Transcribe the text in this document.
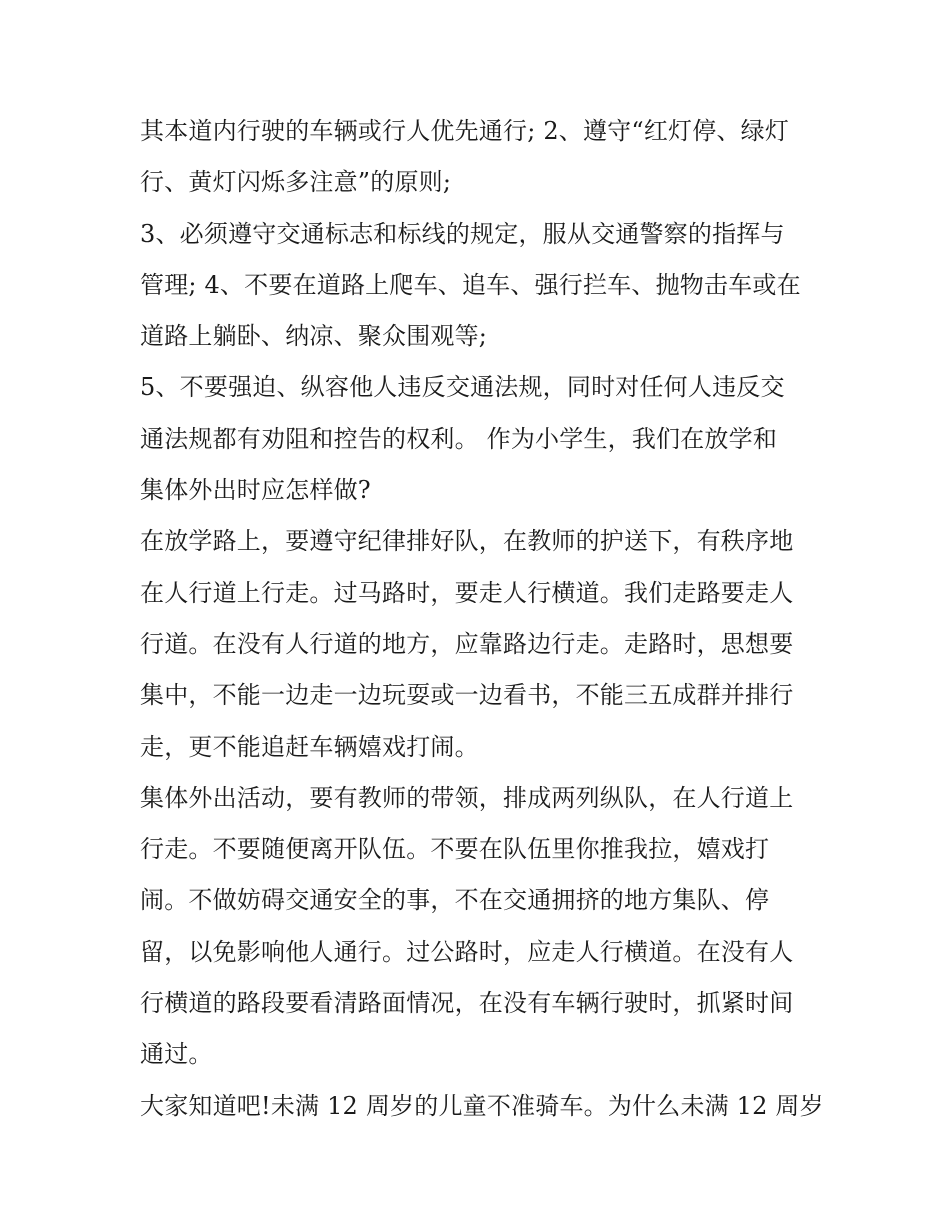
其本道内行驶的车辆或行人优先通行; 2、遵守“红灯停、绿灯
行、黄灯闪烁多注意”的原则;
3、必须遵守交通标志和标线的规定，服从交通警察的指挥与
管理; 4、不要在道路上爬车、追车、强行拦车、抛物击车或在
道路上躺卧、纳凉、聚众围观等;
5、不要强迫、纵容他人违反交通法规，同时对任何人违反交
通法规都有劝阻和控告的权利。 作为小学生，我们在放学和
集体外出时应怎样做?
在放学路上，要遵守纪律排好队，在教师的护送下，有秩序地
在人行道上行走。过马路时，要走人行横道。我们走路要走人
行道。在没有人行道的地方，应靠路边行走。走路时，思想要
集中，不能一边走一边玩耍或一边看书，不能三五成群并排行
走，更不能追赶车辆嬉戏打闹。
集体外出活动，要有教师的带领，排成两列纵队，在人行道上
行走。不要随便离开队伍。不要在队伍里你推我拉，嬉戏打
闹。不做妨碍交通安全的事，不在交通拥挤的地方集队、停
留，以免影响他人通行。过公路时，应走人行横道。在没有人
行横道的路段要看清路面情况，在没有车辆行驶时，抓紧时间
通过。
大家知道吧!未满 12 周岁的儿童不准骑车。为什么未满 12 周岁
